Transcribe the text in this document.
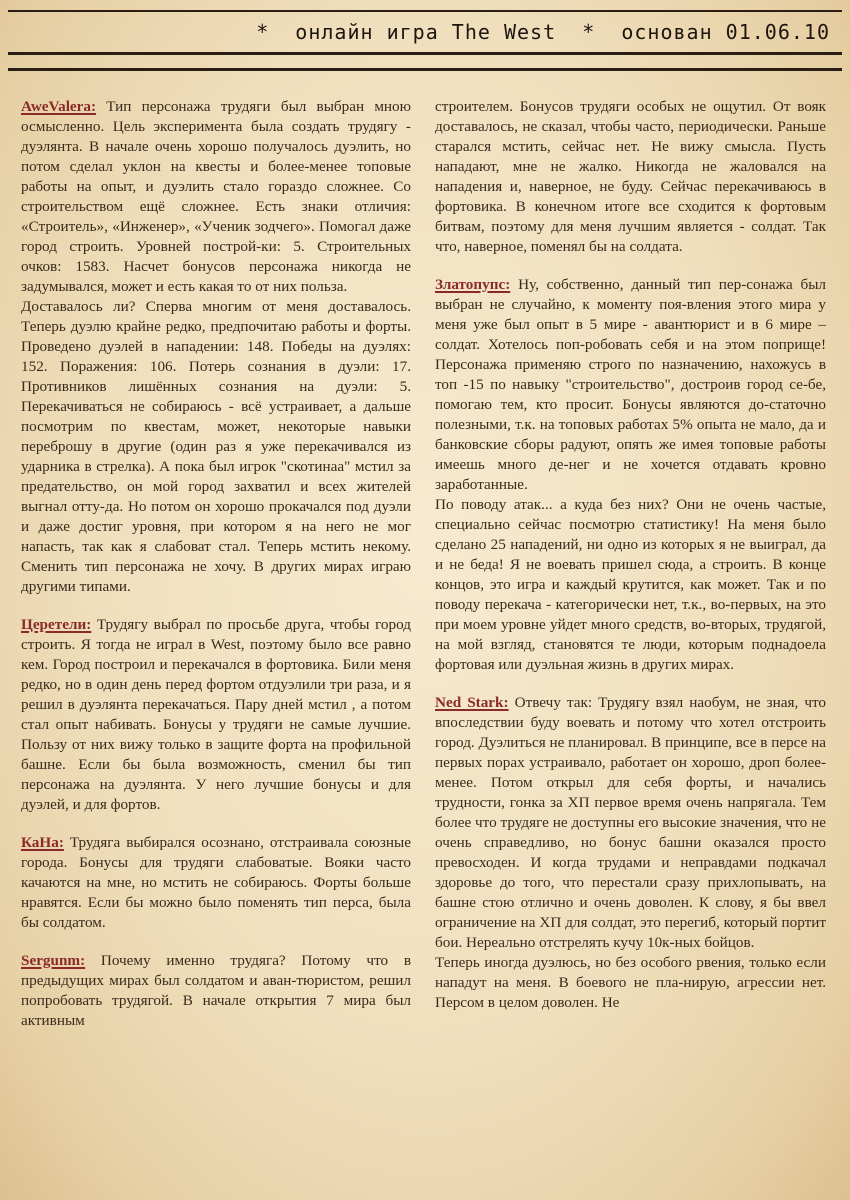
*  онлайн игра The West  *  основан 01.06.10

AweValera: Тип персонажа трудяги был выбран мною осмысленно. Цель эксперимента была создать трудягу - дуэлянта. В начале очень хорошо получалось дуэлить, но потом сделал уклон на квесты и более-менее топовые работы на опыт, и дуэлить стало гораздо сложнее. Со строительством ещё сложнее. Есть знаки отличия: «Строитель», «Инженер», «Ученик зодчего». Помогал даже город строить. Уровней построй-ки: 5. Строительных очков: 1583. Насчет бонусов персонажа никогда не задумывался, может и есть какая то от них польза.

Доставалось ли? Сперва многим от меня доставалось. Теперь дуэлю крайне редко, предпочитаю работы и форты. Проведено дуэлей в нападении: 148. Победы на дуэлях: 152. Поражения: 106. Потерь сознания в дуэли: 17. Противников лишённых сознания на дуэли: 5. Перекачиваться не собираюсь - всё устраивает, а дальше посмотрим по квестам, может, некоторые навыки переброшу в другие (один раз я уже перекачивался из ударника в стрелка). А пока был игрок "скотинаа" мстил за предательство, он мой город захватил и всех жителей выгнал отту-да. Но потом он хорошо прокачался под дуэли и даже достиг уровня, при котором я на него не мог напасть, так как я слабоват стал. Теперь мстить некому. Сменить тип персонажа не хочу. В других мирах играю другими типами.

Церетели: Трудягу выбрал по просьбе друга, чтобы город строить. Я тогда не играл в West, поэтому было все равно кем. Город построил и перекачался в фортовика. Били меня редко, но в один день перед фортом отдуэлили три раза, и я решил в дуэлянта перекачаться. Пару дней мстил , а потом стал опыт набивать. Бонусы у трудяги не самые лучшие. Пользу от них вижу только в защите форта на профильной башне. Если бы была возможность, сменил бы тип персонажа на дуэлянта. У него лучшие бонусы и для дуэлей, и для фортов.

КаНа: Трудяга выбирался осознано, отстраивала союзные города. Бонусы для трудяги слабоватые. Вояки часто качаются на мне, но мстить не собираюсь. Форты больше нравятся. Если бы можно было поменять тип перса, была бы солдатом.

Sergunm: Почему именно трудяга? Потому что в предыдущих мирах был солдатом и аван-тюристом, решил попробовать трудягой. В начале открытия 7 мира был активным

строителем. Бонусов трудяги особых не ощутил. От вояк доставалось, не сказал, чтобы часто, периодически. Раньше старался мстить, сейчас нет. Не вижу смысла. Пусть нападают, мне не жалко. Никогда не жаловался на нападения и, наверное, не буду. Сейчас перекачиваюсь в фортовика. В конечном итоге все сходится к фортовым битвам, поэтому для меня лучшим является - солдат. Так что, наверное, поменял бы на солдата.

Златопупс: Ну, собственно, данный тип пер-сонажа был выбран не случайно, к моменту поя-вления этого мира у меня уже был опыт в 5 мире - авантюрист и в 6 мире – солдат. Хотелось поп-робовать себя и на этом поприще! Персонажа применяю строго по назначению, нахожусь в топ -15 по навыку "строительство", достроив город се-бе, помогаю тем, кто просит. Бонусы являются до-статочно полезными, т.к. на топовых работах 5% опыта не мало, да и банковские сборы радуют, опять же имея топовые работы имеешь много де-нег и не хочется отдавать кровно заработанные.

По поводу атак... а куда без них? Они не очень частые, специально сейчас посмотрю статистику! На меня было сделано 25 нападений, ни одно из которых я не выиграл, да и не беда! Я не воевать пришел сюда, а строить. В конце концов, это игра и каждый крутится, как может. Так и по поводу перекача - категорически нет, т.к., во-первых, на это при моем уровне уйдет много средств, во-вторых, трудягой, на мой взгляд, становятся те люди, которым поднадоела фортовая или дуэльная жизнь в других мирах.

Ned Stark: Отвечу так: Трудягу взял наобум, не зная, что впоследствии буду воевать и потому что хотел отстроить город. Дуэлиться не планировал. В принципе, все в персе на первых порах устраивало, работает он хорошо, дроп более-менее. Потом открыл для себя форты, и начались трудности, гонка за ХП первое время очень напрягала. Тем более что трудяге не доступны его высокие значения, что не очень справедливо, но бонус башни оказался просто превосходен. И когда трудами и неправдами подкачал здоровье до того, что перестали сразу прихлопывать, на башне стою отлично и очень доволен. К слову, я бы ввел ограничение на ХП для солдат, это перегиб, который портит бои. Нереально отстрелять кучу 10к-ных бойцов.

Теперь иногда дуэлюсь, но без особого рвения, только если нападут на меня. В боевого не пла-нирую, агрессии нет. Персом в целом доволен. Не
